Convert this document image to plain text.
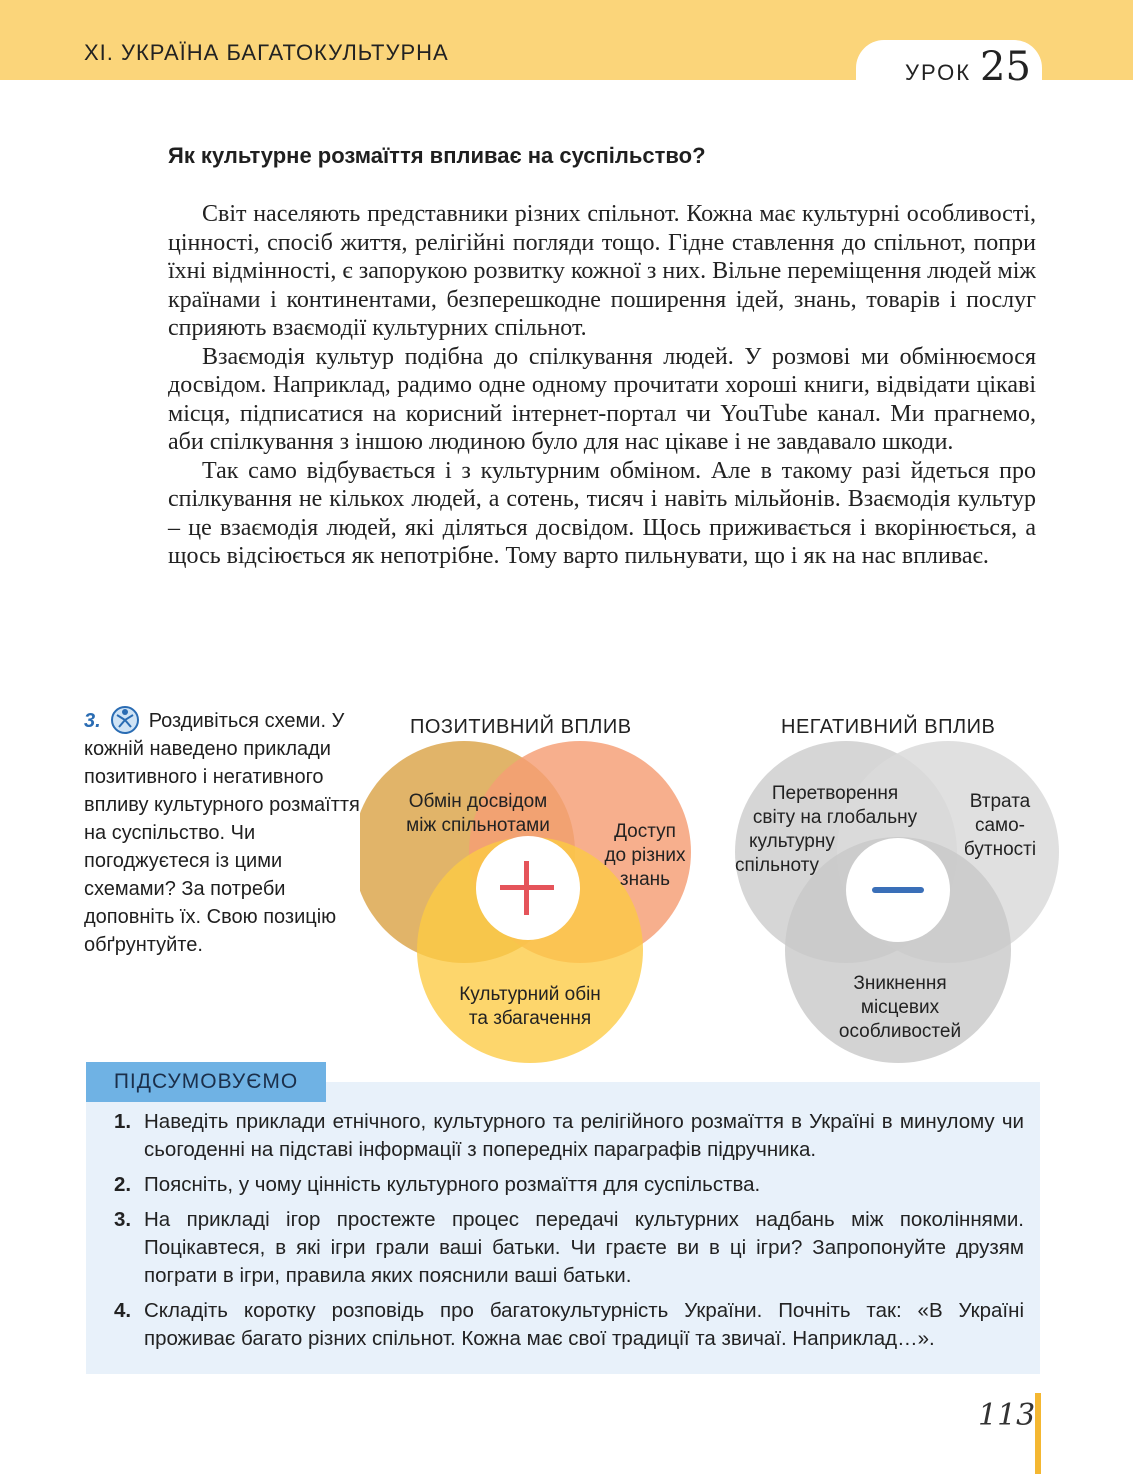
XI. УКРАЇНА БАГАТОКУЛЬТУРНА
УРОК 25
Як культурне розмаїття впливає на суспільство?

Світ населяють представники різних спільнот. Кожна має культурні особливості, цінності, спосіб життя, релігійні погляди тощо. Гідне ставлення до спільнот, попри їхні відмінності, є запорукою розвитку кожної з них. Вільне переміщення людей між країнами і континентами, безперешкодне поширення ідей, знань, товарів і послуг сприяють взаємодії культурних спільнот.

Взаємодія культур подібна до спілкування людей. У розмові ми обмінюємося досвідом. Наприклад, радимо одне одному прочитати хороші книги, відвідати цікаві місця, підписатися на корисний інтернет-портал чи YouTube канал. Ми прагнемо, аби спілкування з іншою людиною було для нас цікаве і не завдавало шкоди.

Так само відбувається і з культурним обміном. Але в такому разі йдеться про спілкування не кількох людей, а сотень, тисяч і навіть мільйонів. Взаємодія культур – це взаємодія людей, які діляться досвідом. Щось приживається і вкорінюється, а щось відсіюється як непотрібне. Тому варто пильнувати, що і як на нас впливає.

3. Роздивіться схеми. У кожній наведено приклади позитивного і негативного впливу культурного розмаїття на суспільство. Чи погоджуєтеся із цими схемами? За потреби доповніть їх. Свою позицію обґрунтуйте.
ПОЗИТИВНИЙ ВПЛИВ	НЕГАТИВНИЙ ВПЛИВ
Обмін досвідом між спільнотами	Доступ
до різних
знань
Культурний обін
та збагачення
Перетворення
світу на глобальну
культурну
спільноту
Втрата
само-
бутності
Зникнення
місцевих
особливостей
ПІДСУМОВУЄМО
1. Наведіть приклади етнічного, культурного та релігійного розмаїття в Україні в минулому чи сьогоденні на підставі інформації з попередніх параграфів підручника.
2. Поясніть, у чому цінність культурного розмаїття для суспільства.
3. На прикладі ігор простежте процес передачі культурних надбань між поколіннями. Поцікавтеся, в які ігри грали ваші батьки. Чи граєте ви в ці ігри? Запропонуйте друзям пограти в ігри, правила яких пояснили ваші батьки.
4. Складіть коротку розповідь про багатокультурність України. Почніть так: «В Україні проживає багато різних спільнот. Кожна має свої традиції та звичаї. Наприклад…».
113
